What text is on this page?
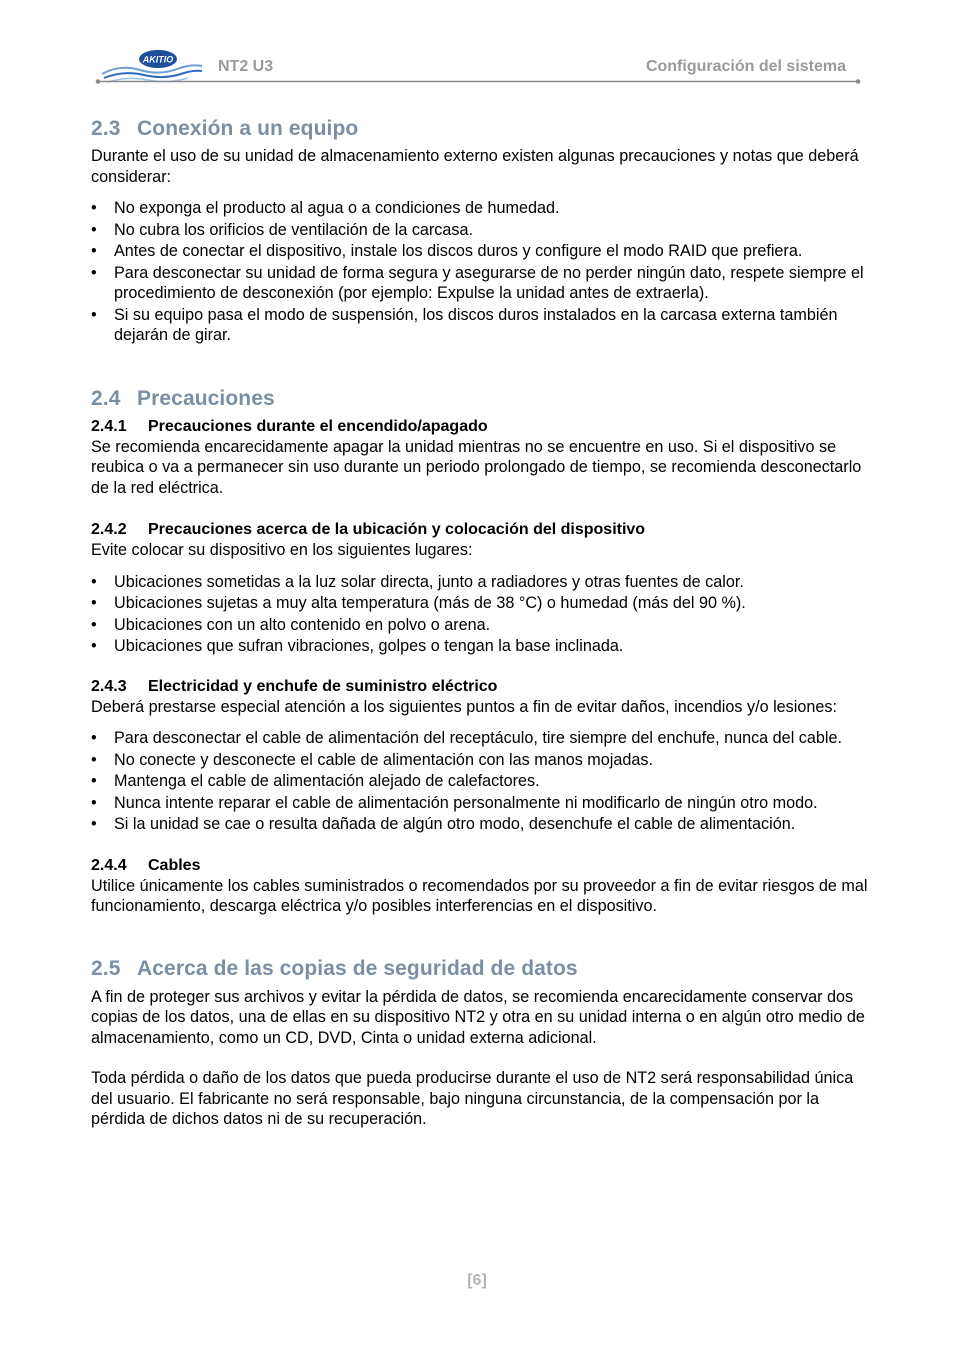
AKITIO	NT2 U3	Configuración del sistema
2.3 Conexión a un equipo

Durante el uso de su unidad de almacenamiento externo existen algunas precauciones y notas que deberá considerar:

• No exponga el producto al agua o a condiciones de humedad.
• No cubra los orificios de ventilación de la carcasa.
• Antes de conectar el dispositivo, instale los discos duros y configure el modo RAID que prefiera.
• Para desconectar su unidad de forma segura y asegurarse de no perder ningún dato, respete siempre el procedimiento de desconexión (por ejemplo: Expulse la unidad antes de extraerla).
• Si su equipo pasa el modo de suspensión, los discos duros instalados en la carcasa externa también dejarán de girar.
2.4 Precauciones
2.4.1 Precauciones durante el encendido/apagado

Se recomienda encarecidamente apagar la unidad mientras no se encuentre en uso. Si el dispositivo se reubica o va a permanecer sin uso durante un periodo prolongado de tiempo, se recomienda desconectarlo de la red eléctrica.

2.4.2 Precauciones acerca de la ubicación y colocación del dispositivo

Evite colocar su dispositivo en los siguientes lugares:

• Ubicaciones sometidas a la luz solar directa, junto a radiadores y otras fuentes de calor.
• Ubicaciones sujetas a muy alta temperatura (más de 38 °C) o humedad (más del 90 %).
• Ubicaciones con un alto contenido en polvo o arena.
• Ubicaciones que sufran vibraciones, golpes o tengan la base inclinada.
2.4.3 Electricidad y enchufe de suministro eléctrico

Deberá prestarse especial atención a los siguientes puntos a fin de evitar daños, incendios y/o lesiones:

• Para desconectar el cable de alimentación del receptáculo, tire siempre del enchufe, nunca del cable.
• No conecte y desconecte el cable de alimentación con las manos mojadas.
• Mantenga el cable de alimentación alejado de calefactores.
• Nunca intente reparar el cable de alimentación personalmente ni modificarlo de ningún otro modo.
• Si la unidad se cae o resulta dañada de algún otro modo, desenchufe el cable de alimentación.
2.4.4 Cables

Utilice únicamente los cables suministrados o recomendados por su proveedor a fin de evitar riesgos de mal funcionamiento, descarga eléctrica y/o posibles interferencias en el dispositivo.

2.5 Acerca de las copias de seguridad de datos

A fin de proteger sus archivos y evitar la pérdida de datos, se recomienda encarecidamente conservar dos copias de los datos, una de ellas en su dispositivo NT2 y otra en su unidad interna o en algún otro medio de almacenamiento, como un CD, DVD, Cinta o unidad externa adicional.

Toda pérdida o daño de los datos que pueda producirse durante el uso de NT2 será responsabilidad única del usuario. El fabricante no será responsable, bajo ninguna circunstancia, de la compensación por la pérdida de dichos datos ni de su recuperación.

[6]
